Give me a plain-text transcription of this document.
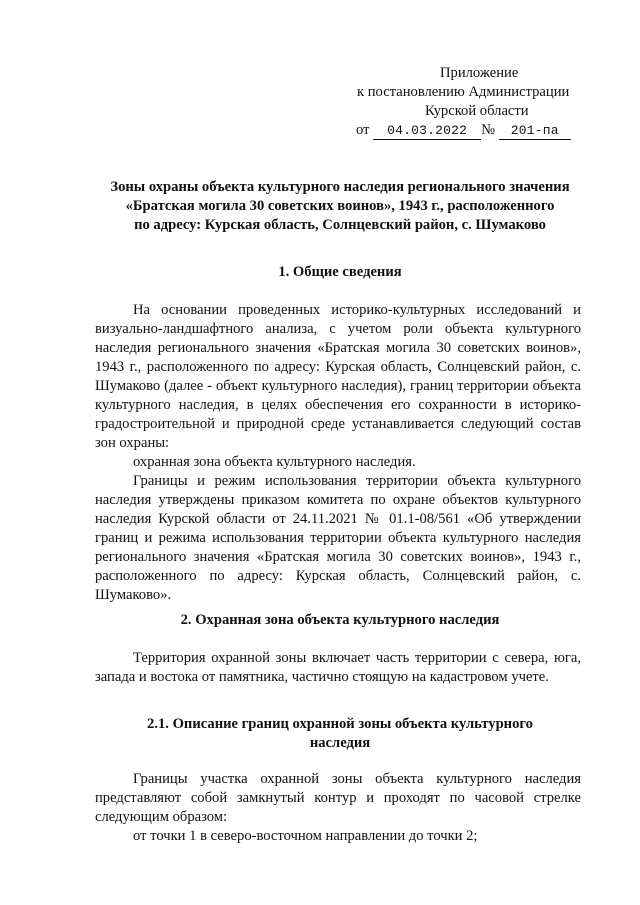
Приложение
к постановлению Администрации
Курской области
от 04.03.2022 № 201-па
Зоны охраны объекта культурного наследия регионального значения
«Братская могила 30 советских воинов», 1943 г., расположенного
по адресу: Курская область, Солнцевский район, с. Шумаково
1. Общие сведения

На основании проведенных историко-культурных исследований и визуально-ландшафтного анализа, с учетом роли объекта культурного наследия регионального значения «Братская могила 30 советских воинов», 1943 г., расположенного по адресу: Курская область, Солнцевский район, с. Шумаково (далее - объект культурного наследия), границ территории объекта культурного наследия, в целях обеспечения его сохранности в историко-градостроительной и природной среде устанавливается следующий состав зон охраны:

охранная зона объекта культурного наследия.

Границы и режим использования территории объекта культурного наследия утверждены приказом комитета по охране объектов культурного наследия Курской области от 24.11.2021 № 01.1-08/561 «Об утверждении границ и режима использования территории объекта культурного наследия регионального значения «Братская могила 30 советских воинов», 1943 г., расположенного по адресу: Курская область, Солнцевский район, с. Шумаково».

2. Охранная зона объекта культурного наследия

Территория охранной зоны включает часть территории с севера, юга, запада и востока от памятника, частично стоящую на кадастровом учете.

2.1. Описание границ охранной зоны объекта культурного
наследия

Границы участка охранной зоны объекта культурного наследия представляют собой замкнутый контур и проходят по часовой стрелке следующим образом:

от точки 1 в северо-восточном направлении до точки 2;
